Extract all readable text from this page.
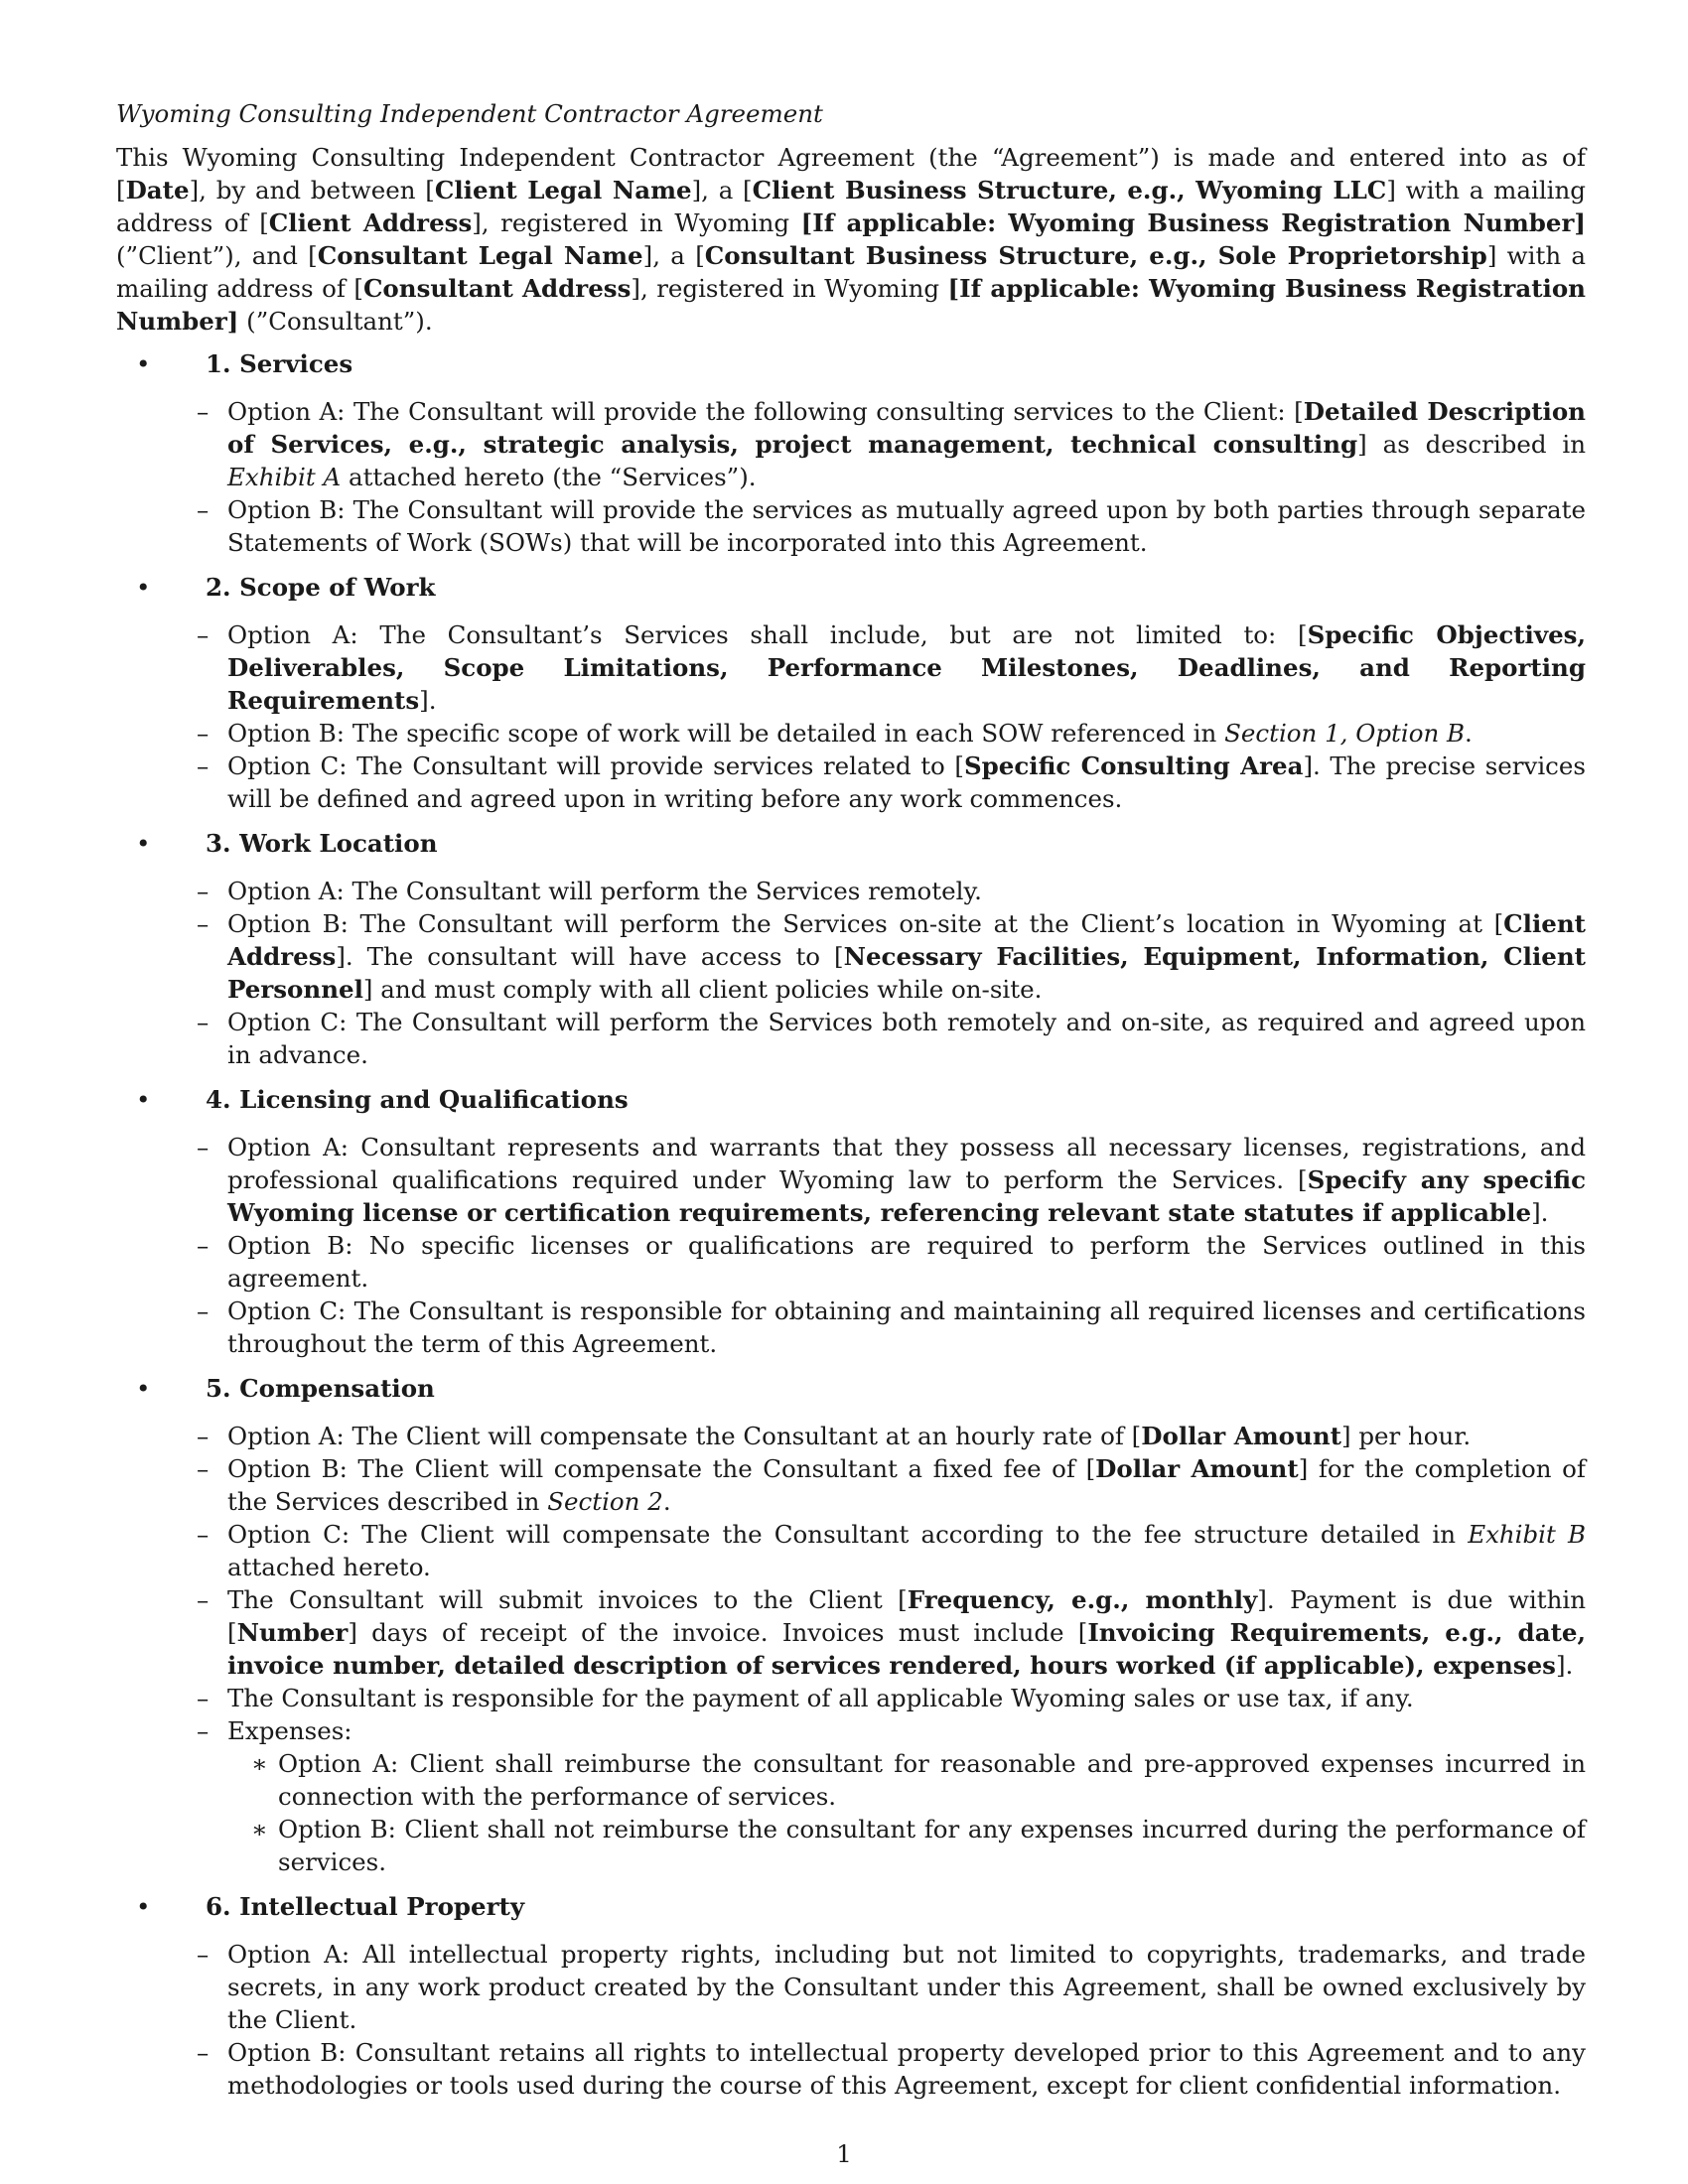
Wyoming Consulting Independent Contractor Agreement

This Wyoming Consulting Independent Contractor Agreement (the “Agreement”) is made and entered into as of [Date], by and between [Client Legal Name], a [Client Business Structure, e.g., Wyoming LLC] with a mailing address of [Client Address], registered in Wyoming [If applicable: Wyoming Business Registration Number] (”Client”), and [Consultant Legal Name], a [Consultant Business Structure, e.g., Sole Proprietorship] with a mailing address of [Consultant Address], registered in Wyoming [If applicable: Wyoming Business Registration Number] (”Consultant”).

• 1. Services
– Option A: The Consultant will provide the following consulting services to the Client: [Detailed Description of Services, e.g., strategic analysis, project management, technical consulting] as described in Exhibit A attached hereto (the “Services”).
– Option B: The Consultant will provide the services as mutually agreed upon by both parties through separate Statements of Work (SOWs) that will be incorporated into this Agreement.
• 2. Scope of Work
– Option A: The Consultant’s Services shall include, but are not limited to: [Specific Objectives, Deliverables, Scope Limitations, Performance Milestones, Deadlines, and Reporting Requirements].
– Option B: The specific scope of work will be detailed in each SOW referenced in Section 1, Option B.
– Option C: The Consultant will provide services related to [Specific Consulting Area]. The precise services will be defined and agreed upon in writing before any work commences.
• 3. Work Location
– Option A: The Consultant will perform the Services remotely.
– Option B: The Consultant will perform the Services on-site at the Client’s location in Wyoming at [Client Address]. The consultant will have access to [Necessary Facilities, Equipment, Information, Client Personnel] and must comply with all client policies while on-site.
– Option C: The Consultant will perform the Services both remotely and on-site, as required and agreed upon in advance.
• 4. Licensing and Qualifications
– Option A: Consultant represents and warrants that they possess all necessary licenses, registrations, and professional qualifications required under Wyoming law to perform the Services. [Specify any specific Wyoming license or certification requirements, referencing relevant state statutes if applicable].
– Option B: No specific licenses or qualifications are required to perform the Services outlined in this agreement.
– Option C: The Consultant is responsible for obtaining and maintaining all required licenses and certifications throughout the term of this Agreement.
• 5. Compensation
– Option A: The Client will compensate the Consultant at an hourly rate of [Dollar Amount] per hour.
– Option B: The Client will compensate the Consultant a fixed fee of [Dollar Amount] for the completion of the Services described in Section 2.
– Option C: The Client will compensate the Consultant according to the fee structure detailed in Exhibit B attached hereto.
– The Consultant will submit invoices to the Client [Frequency, e.g., monthly]. Payment is due within [Number] days of receipt of the invoice. Invoices must include [Invoicing Requirements, e.g., date, invoice number, detailed description of services rendered, hours worked (if applicable), expenses].
– The Consultant is responsible for the payment of all applicable Wyoming sales or use tax, if any.
– Expenses:
∗ Option A: Client shall reimburse the consultant for reasonable and pre-approved expenses incurred in connection with the performance of services.
∗ Option B: Client shall not reimburse the consultant for any expenses incurred during the performance of services.
• 6. Intellectual Property
– Option A: All intellectual property rights, including but not limited to copyrights, trademarks, and trade secrets, in any work product created by the Consultant under this Agreement, shall be owned exclusively by the Client.
– Option B: Consultant retains all rights to intellectual property developed prior to this Agreement and to any methodologies or tools used during the course of this Agreement, except for client confidential information.
1
